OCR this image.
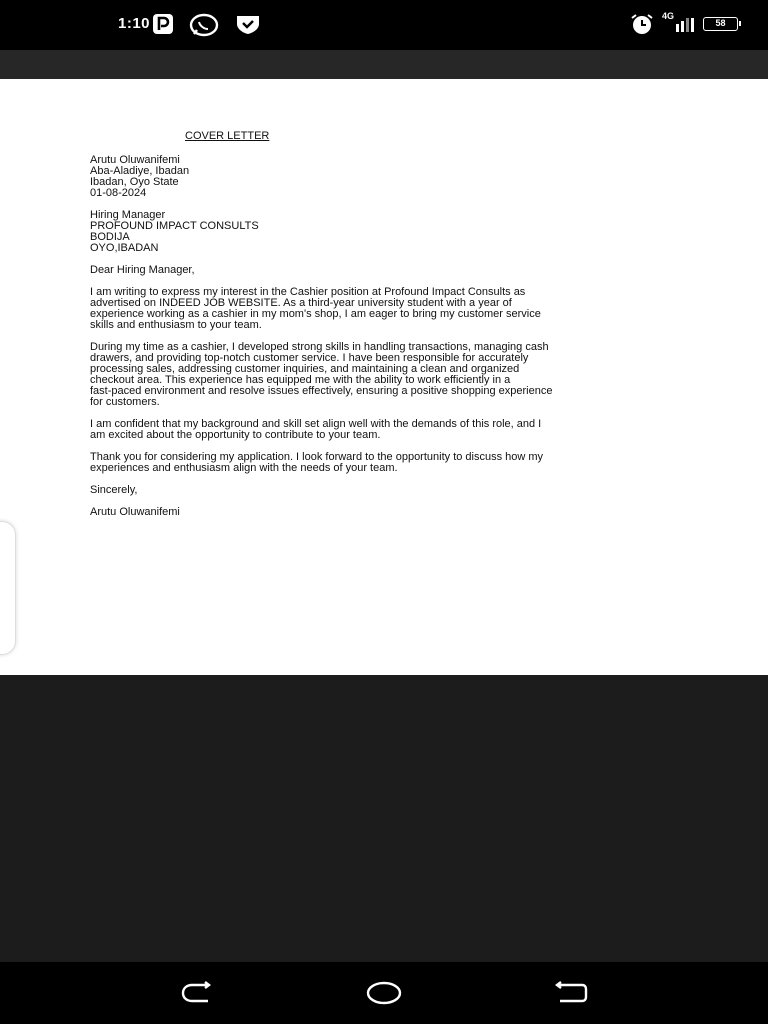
1:10	4G
58
COVER LETTER

Arutu Oluwanifemi
Aba-Aladiye, Ibadan
Ibadan, Oyo State
01-08-2024

Hiring Manager
PROFOUND IMPACT CONSULTS
BODIJA
OYO,IBADAN

Dear Hiring Manager,

I am writing to express my interest in the Cashier position at Profound Impact Consults as
advertised on INDEED JOB WEBSITE. As a third-year university student with a year of
experience working as a cashier in my mom's shop, I am eager to bring my customer service
skills and enthusiasm to your team.

During my time as a cashier, I developed strong skills in handling transactions, managing cash
drawers, and providing top-notch customer service. I have been responsible for accurately
processing sales, addressing customer inquiries, and maintaining a clean and organized
checkout area. This experience has equipped me with the ability to work efficiently in a
fast-paced environment and resolve issues effectively, ensuring a positive shopping experience
for customers.

I am confident that my background and skill set align well with the demands of this role, and I
am excited about the opportunity to contribute to your team.

Thank you for considering my application. I look forward to the opportunity to discuss how my
experiences and enthusiasm align with the needs of your team.

Sincerely,

Arutu Oluwanifemi
